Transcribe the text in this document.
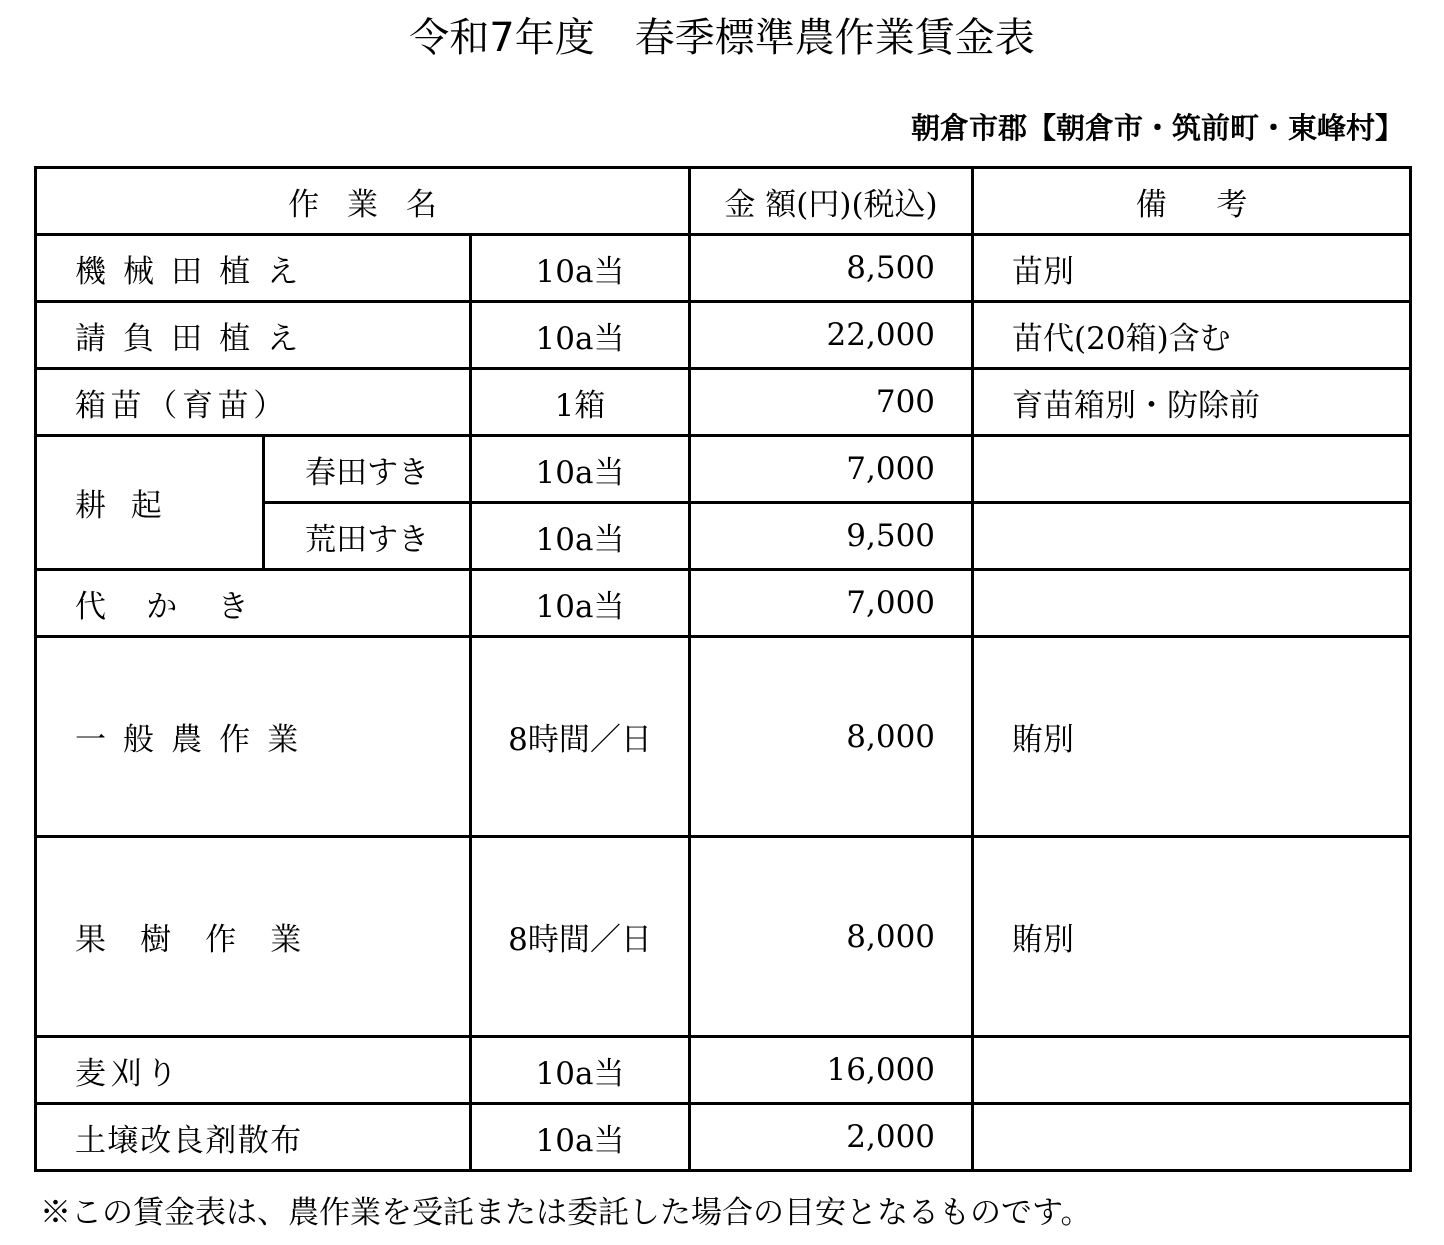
令和7年度　春季標準農作業賃金表
朝倉市郡【朝倉市・筑前町・東峰村】
作業名			金 額(円)(税込)	備考
機械田植え		10a当	8,500	苗別
請負田植え		10a当	22,000	苗代(20箱)含む
箱苗（育苗）		1箱	700	育苗箱別・防除前
耕起	春田すき	10a当	7,000	
	荒田すき	10a当	9,500	
代かき		10a当	7,000	
一般農作業		8時間／日	8,000	賄別
果樹作業		8時間／日	8,000	賄別
麦刈り		10a当	16,000	
土壌改良剤散布		10a当	2,000	
※この賃金表は、農作業を受託または委託した場合の目安となるものです。
